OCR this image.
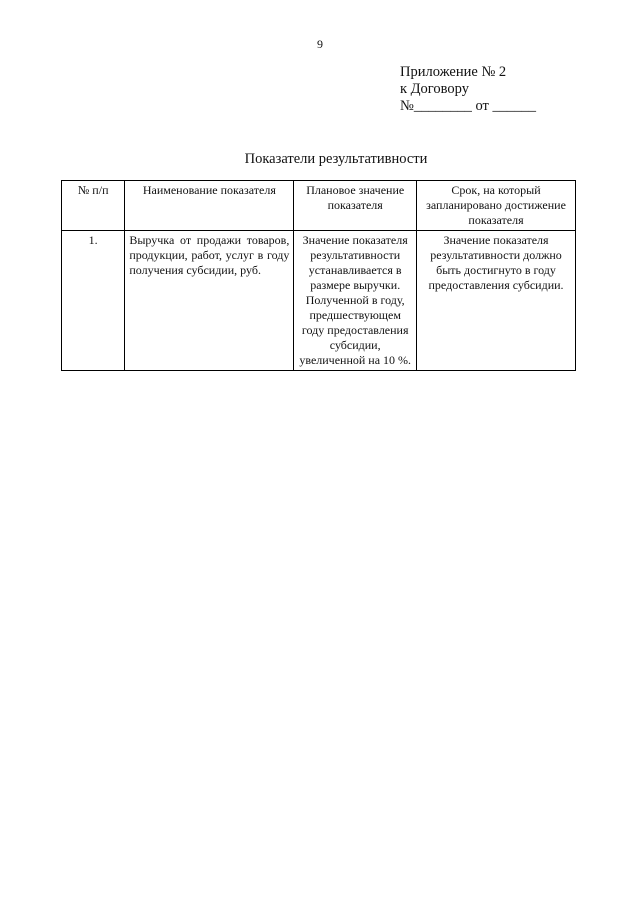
9
Приложение № 2
к Договору
№________ от ______
Показатели результативности
№ п/п	Наименование показателя	Плановое значение показателя	Срок, на который запланировано достижение показателя
1.	Выручка от продажи товаров, продукции, работ, услуг в году получения субсидии, руб.	Значение показателя результативности устанавливается в размере выручки. Полученной в году, предшествующем году предоставления субсидии, увеличенной на 10 %.	Значение показателя результативности должно быть достигнуто в году предоставления субсидии.
